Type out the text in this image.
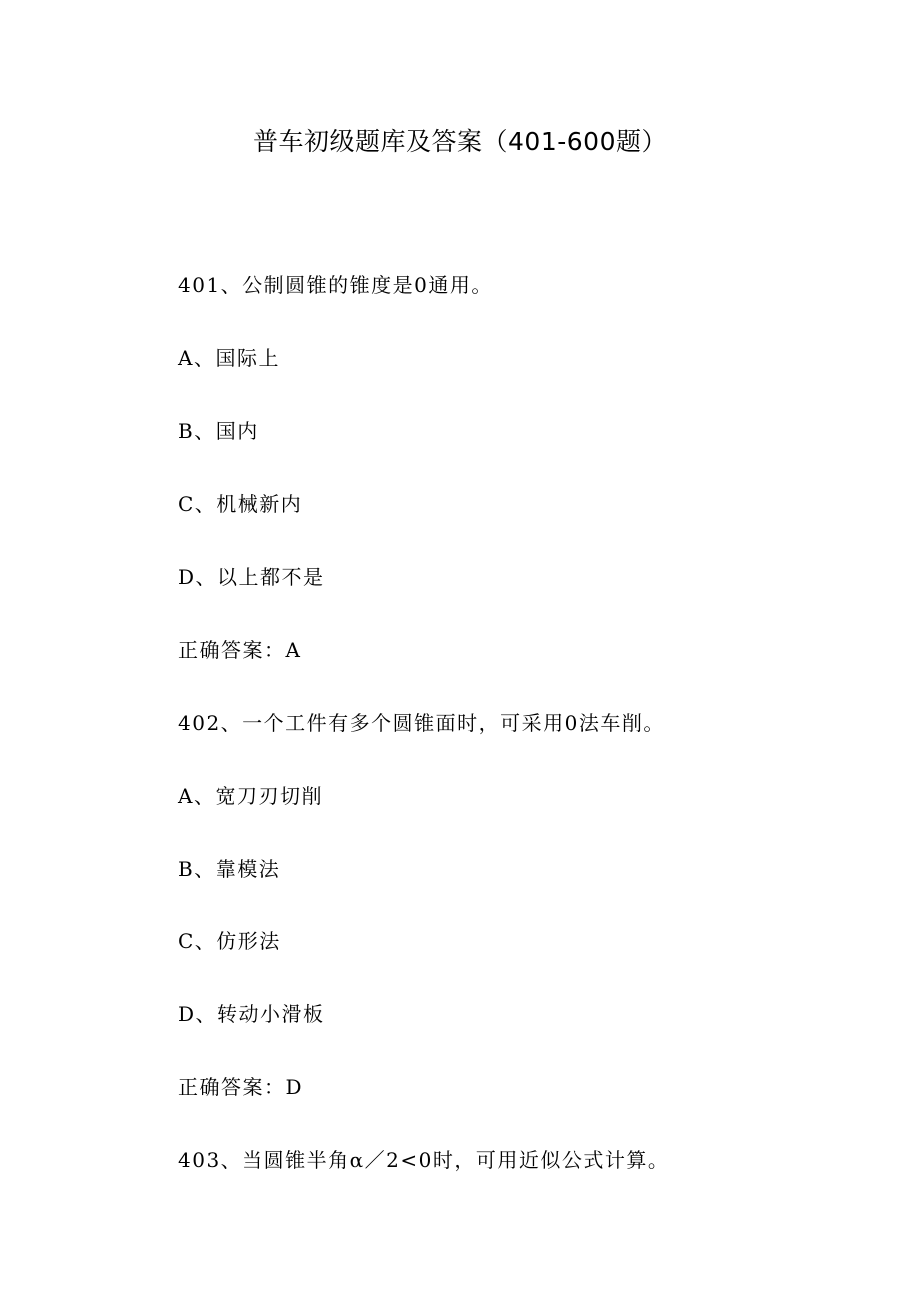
普车初级题库及答案（401-600题）
401、公制圆锥的锥度是0通用。
A、国际上
B、国内
C、机械新内
D、以上都不是
正确答案：A
402、一个工件有多个圆锥面时，可采用0法车削。
A、宽刀刃切削
B、靠模法
C、仿形法
D、转动小滑板
正确答案：D
403、当圆锥半角α／2<0时，可用近似公式计算。
